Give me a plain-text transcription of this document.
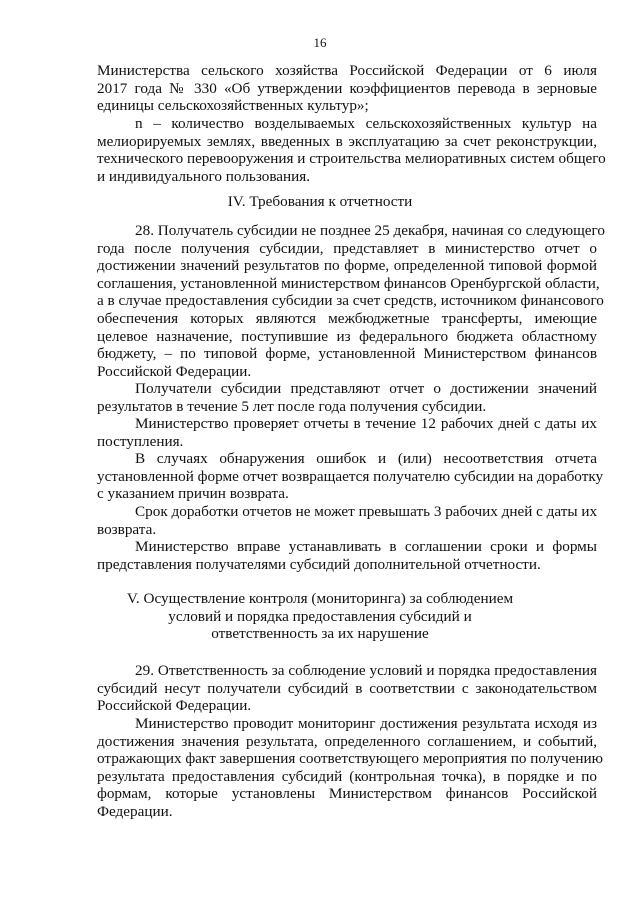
16
Министерства сельского хозяйства Российской Федерации от 6 июля
2017 года № 330 «Об утверждении коэффициентов перевода в зерновые
единицы сельскохозяйственных культур»;
n – количество возделываемых сельскохозяйственных культур на
мелиорируемых землях, введенных в эксплуатацию за счет реконструкции,
технического перевооружения и строительства мелиоративных систем общего
и индивидуального пользования.
IV. Требования к отчетности
28. Получатель субсидии не позднее 25 декабря, начиная со следующего
года после получения субсидии, представляет в министерство отчет о
достижении значений результатов по форме, определенной типовой формой
соглашения, установленной министерством финансов Оренбургской области,
а в случае предоставления субсидии за счет средств, источником финансового
обеспечения которых являются межбюджетные трансферты, имеющие
целевое назначение, поступившие из федерального бюджета областному
бюджету, – по типовой форме, установленной Министерством финансов
Российской Федерации.
Получатели субсидии представляют отчет о достижении значений
результатов в течение 5 лет после года получения субсидии.
Министерство проверяет отчеты в течение 12 рабочих дней с даты их
поступления.
В случаях обнаружения ошибок и (или) несоответствия отчета
установленной форме отчет возвращается получателю субсидии на доработку
с указанием причин возврата.
Срок доработки отчетов не может превышать 3 рабочих дней с даты их
возврата.
Министерство вправе устанавливать в соглашении сроки и формы
представления получателями субсидий дополнительной отчетности.
V. Осуществление контроля (мониторинга) за соблюдением
условий и порядка предоставления субсидий и
ответственность за их нарушение
29. Ответственность за соблюдение условий и порядка предоставления
субсидий несут получатели субсидий в соответствии с законодательством
Российской Федерации.
Министерство проводит мониторинг достижения результата исходя из
достижения значения результата, определенного соглашением, и событий,
отражающих факт завершения соответствующего мероприятия по получению
результата предоставления субсидий (контрольная точка), в порядке и по
формам, которые установлены Министерством финансов Российской
Федерации.
